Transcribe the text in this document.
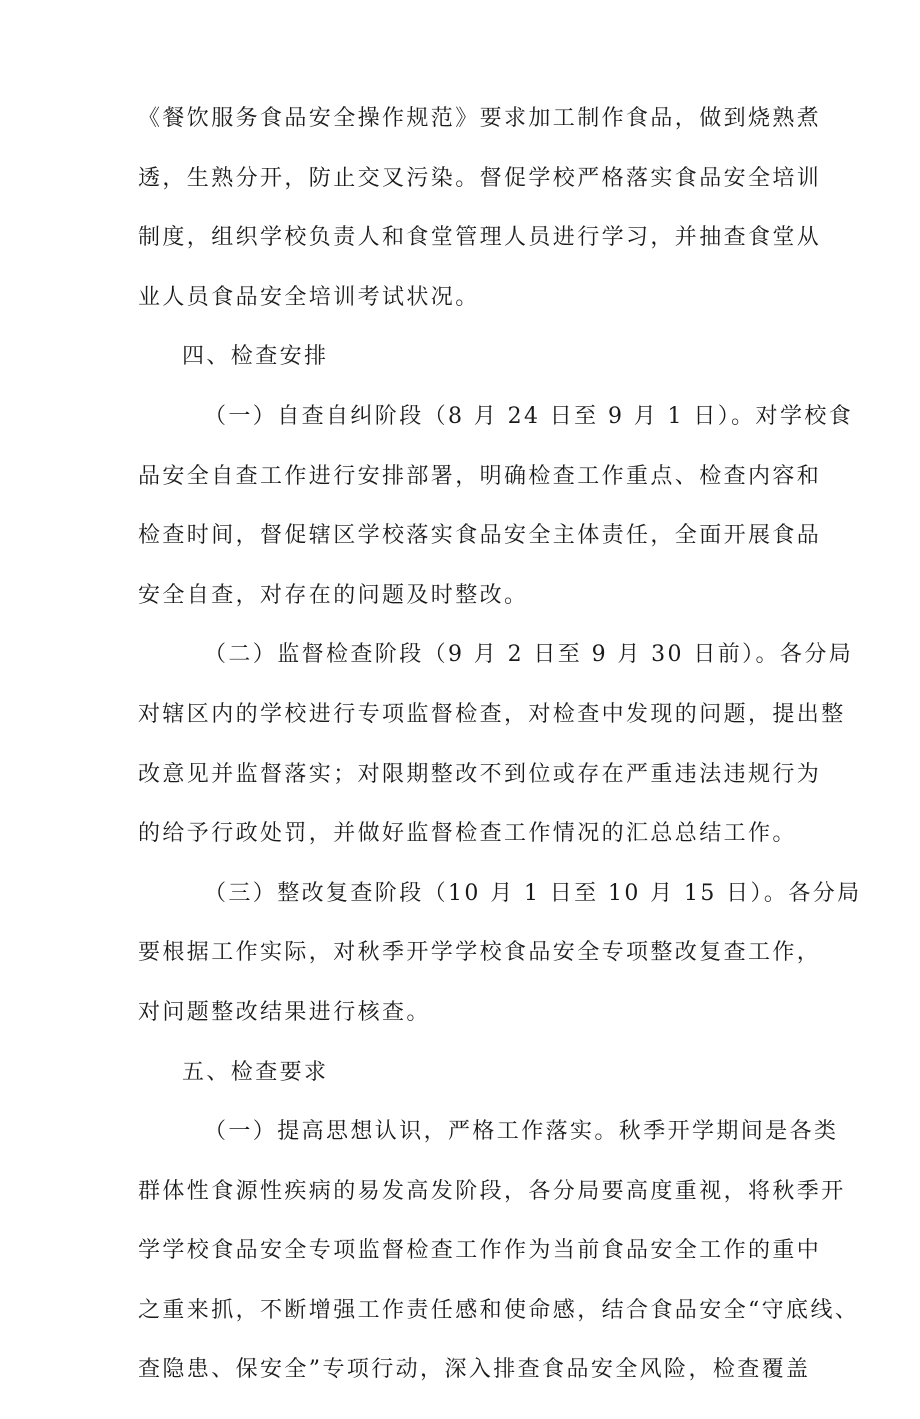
《餐饮服务食品安全操作规范》要求加工制作食品，做到烧熟煮
透，生熟分开，防止交叉污染。督促学校严格落实食品安全培训
制度，组织学校负责人和食堂管理人员进行学习，并抽查食堂从
业人员食品安全培训考试状况。
四、检查安排
（一）自查自纠阶段（8 月 24 日至 9 月 1 日）。对学校食
品安全自查工作进行安排部署，明确检查工作重点、检查内容和
检查时间，督促辖区学校落实食品安全主体责任，全面开展食品
安全自查，对存在的问题及时整改。
（二）监督检查阶段（9 月 2 日至 9 月 30 日前）。各分局
对辖区内的学校进行专项监督检查，对检查中发现的问题，提出整
改意见并监督落实；对限期整改不到位或存在严重违法违规行为
的给予行政处罚，并做好监督检查工作情况的汇总总结工作。
（三）整改复查阶段（10 月 1 日至 10 月 15 日）。各分局
要根据工作实际，对秋季开学学校食品安全专项整改复查工作，
对问题整改结果进行核查。
五、检查要求
（一）提高思想认识，严格工作落实。秋季开学期间是各类
群体性食源性疾病的易发高发阶段，各分局要高度重视，将秋季开
学学校食品安全专项监督检查工作作为当前食品安全工作的重中
之重来抓，不断增强工作责任感和使命感，结合食品安全“守底线、
查隐患、保安全”专项行动，深入排查食品安全风险，检查覆盖
